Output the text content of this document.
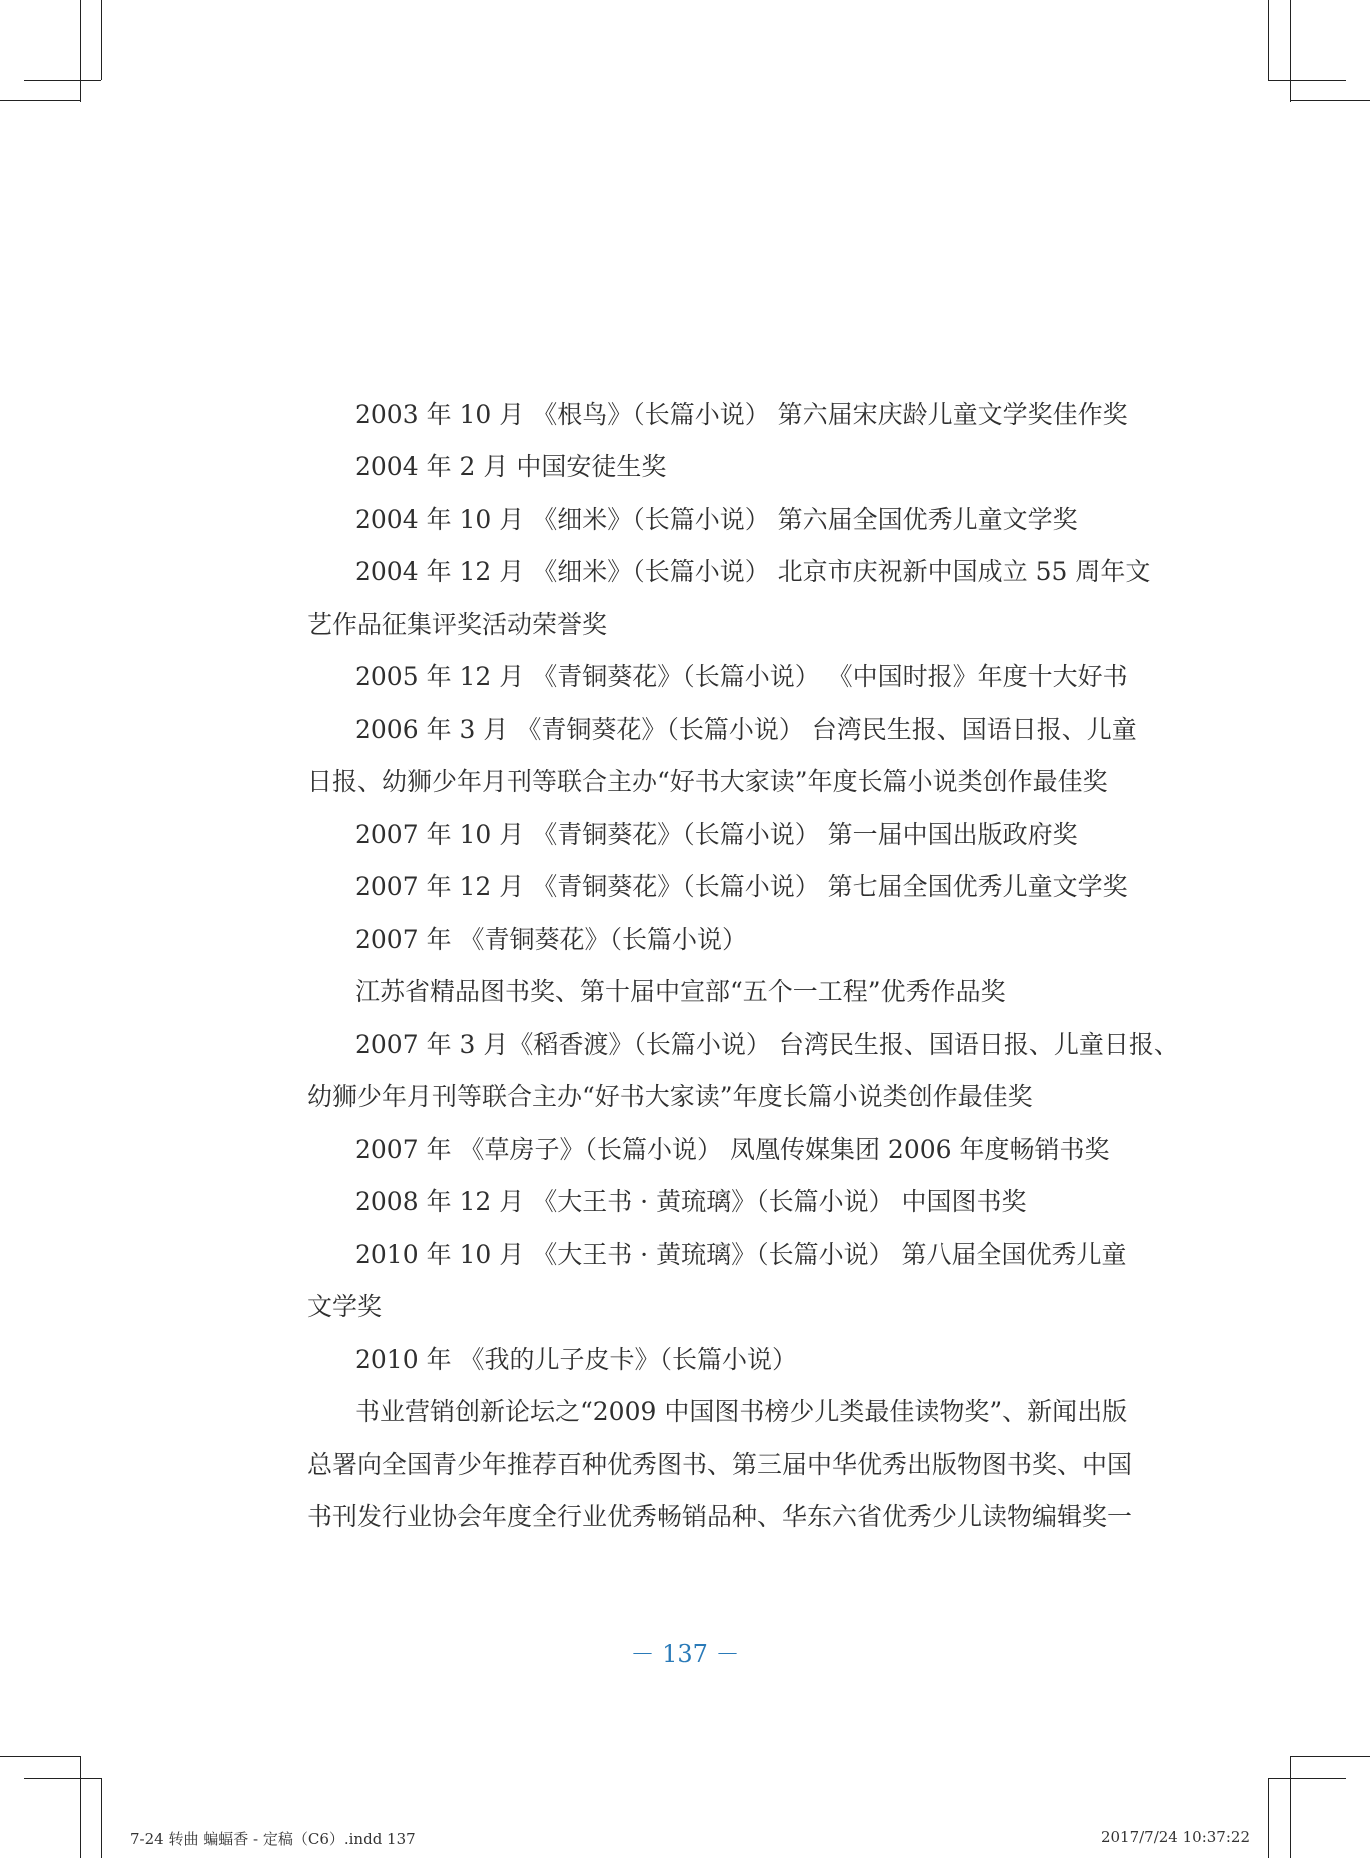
2003 年 10 月 《根鸟》（长篇小说） 第六届宋庆龄儿童文学奖佳作奖
2004 年 2 月 中国安徒生奖
2004 年 10 月 《细米》（长篇小说） 第六届全国优秀儿童文学奖
2004 年 12 月 《细米》（长篇小说） 北京市庆祝新中国成立 55 周年文
艺作品征集评奖活动荣誉奖
2005 年 12 月 《青铜葵花》（长篇小说） 《中国时报》年度十大好书
2006 年 3 月 《青铜葵花》（长篇小说） 台湾民生报、国语日报、儿童
日报、幼狮少年月刊等联合主办“好书大家读”年度长篇小说类创作最佳奖
2007 年 10 月 《青铜葵花》（长篇小说） 第一届中国出版政府奖
2007 年 12 月 《青铜葵花》（长篇小说） 第七届全国优秀儿童文学奖
2007 年 《青铜葵花》（长篇小说）
江苏省精品图书奖、第十届中宣部“五个一工程”优秀作品奖
2007 年 3 月《稻香渡》（长篇小说） 台湾民生报、国语日报、儿童日报、
幼狮少年月刊等联合主办“好书大家读”年度长篇小说类创作最佳奖
2007 年 《草房子》（长篇小说） 凤凰传媒集团 2006 年度畅销书奖
2008 年 12 月 《大王书 · 黄琉璃》（长篇小说） 中国图书奖
2010 年 10 月 《大王书 · 黄琉璃》（长篇小说） 第八届全国优秀儿童
文学奖
2010 年 《我的儿子皮卡》（长篇小说）
书业营销创新论坛之“2009 中国图书榜少儿类最佳读物奖”、新闻出版
总署向全国青少年推荐百种优秀图书、第三届中华优秀出版物图书奖、中国
书刊发行业协会年度全行业优秀畅销品种、华东六省优秀少儿读物编辑奖一
－ 137 －
7-24 转曲 蝙蝠香 - 定稿（C6）.indd 137	2017/7/24 10:37:22
